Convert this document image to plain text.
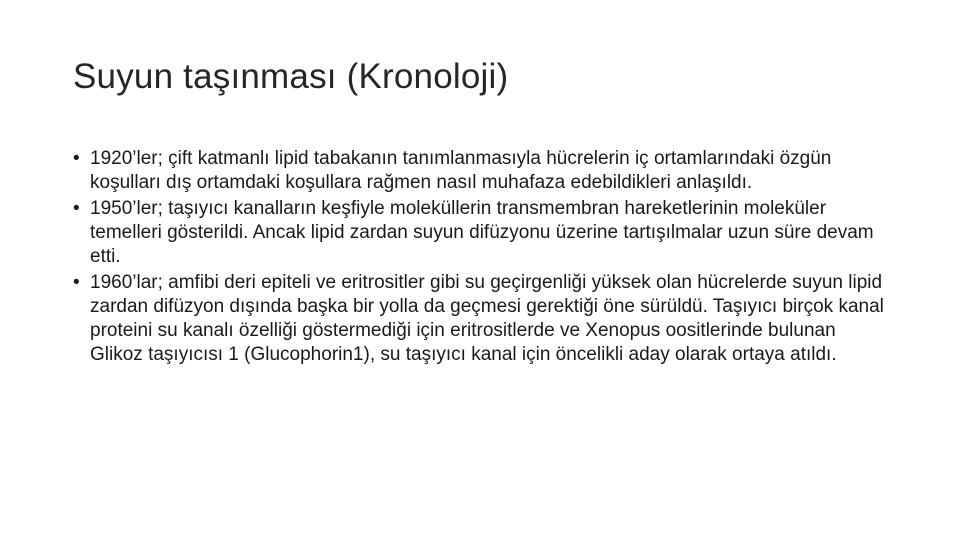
Suyun taşınması (Kronoloji)
• 1920’ler; çift katmanlı lipid tabakanın tanımlanmasıyla hücrelerin iç ortamlarındaki özgün koşulları dış ortamdaki koşullara rağmen nasıl muhafaza edebildikleri anlaşıldı.
• 1950’ler; taşıyıcı kanalların keşfiyle moleküllerin transmembran hareketlerinin moleküler temelleri gösterildi. Ancak lipid zardan suyun difüzyonu üzerine tartışılmalar uzun süre devam etti.
• 1960’lar; amfibi deri epiteli ve eritrositler gibi su geçirgenliği yüksek olan hücrelerde suyun lipid zardan difüzyon dışında başka bir yolla da geçmesi gerektiği öne sürüldü. Taşıyıcı birçok kanal proteini su kanalı özelliği göstermediği için eritrositlerde ve Xenopus oositlerinde bulunan Glikoz taşıyıcısı 1 (Glucophorin1), su taşıyıcı kanal için öncelikli aday olarak ortaya atıldı.
